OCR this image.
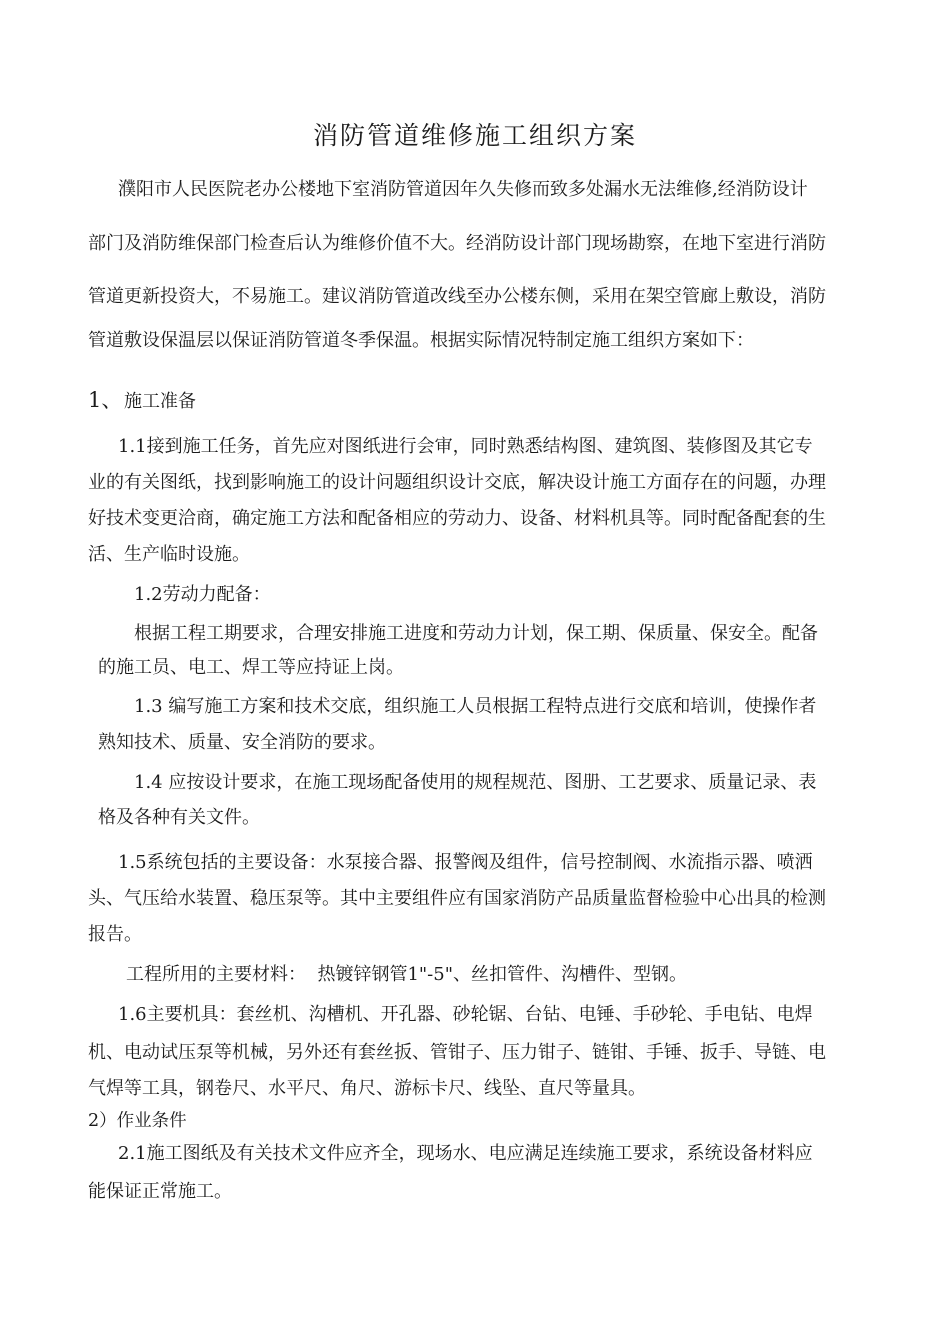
消防管道维修施工组织方案
濮阳市人民医院老办公楼地下室消防管道因年久失修而致多处漏水无法维修,经消防设计
部门及消防维保部门检查后认为维修价值不大。经消防设计部门现场勘察，在地下室进行消防
管道更新投资大，不易施工。建议消防管道改线至办公楼东侧，采用在架空管廊上敷设，消防
管道敷设保温层以保证消防管道冬季保温。根据实际情况特制定施工组织方案如下：
1、 施工准备
1.1接到施工任务，首先应对图纸进行会审，同时熟悉结构图、建筑图、装修图及其它专
业的有关图纸，找到影响施工的设计问题组织设计交底，解决设计施工方面存在的问题，办理
好技术变更洽商，确定施工方法和配备相应的劳动力、设备、材料机具等。同时配备配套的生
活、生产临时设施。
1.2劳动力配备：
根据工程工期要求，合理安排施工进度和劳动力计划，保工期、保质量、保安全。配备
的施工员、电工、焊工等应持证上岗。
1.3 编写施工方案和技术交底，组织施工人员根据工程特点进行交底和培训，使操作者
熟知技术、质量、安全消防的要求。
1.4 应按设计要求，在施工现场配备使用的规程规范、图册、工艺要求、质量记录、表
格及各种有关文件。
1.5系统包括的主要设备：水泵接合器、报警阀及组件，信号控制阀、水流指示器、喷洒
头、气压给水装置、稳压泵等。其中主要组件应有国家消防产品质量监督检验中心出具的检测
报告。
工程所用的主要材料：  热镀锌钢管1"-5"、丝扣管件、沟槽件、型钢。
1.6主要机具：套丝机、沟槽机、开孔器、砂轮锯、台钻、电锤、手砂轮、手电钻、电焊
机、电动试压泵等机械，另外还有套丝扳、管钳子、压力钳子、链钳、手锤、扳手、导链、电
气焊等工具，钢卷尺、水平尺、角尺、游标卡尺、线坠、直尺等量具。
2）作业条件
2.1施工图纸及有关技术文件应齐全，现场水、电应满足连续施工要求，系统设备材料应
能保证正常施工。
